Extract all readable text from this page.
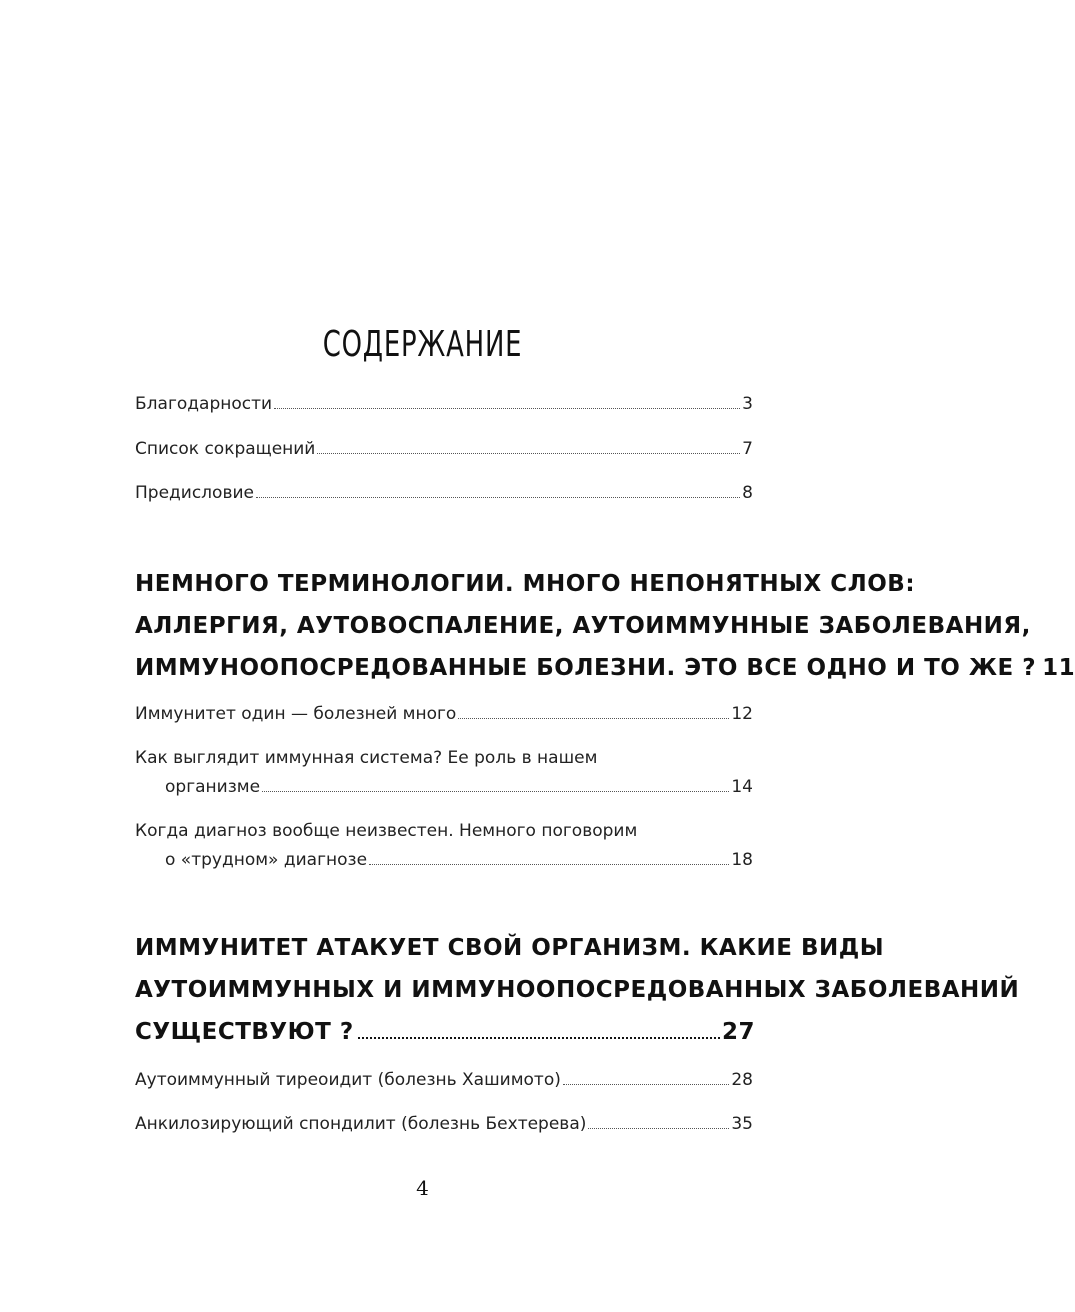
СОДЕРЖАНИЕ
Благодарности	3
Список сокращений	7
Предисловие	8
НЕМНОГО ТЕРМИНОЛОГИИ. МНОГО НЕПОНЯТНЫХ СЛОВ:
АЛЛЕРГИЯ, АУТОВОСПАЛЕНИЕ, АУТОИММУННЫЕ ЗАБОЛЕВАНИЯ,
ИММУНООПОСРЕДОВАННЫЕ БОЛЕЗНИ. ЭТО ВСЕ ОДНО И ТО ЖЕ ? 11
Иммунитет один — болезней много	12
Как выглядит иммунная система? Ее роль в нашем
организме	14
Когда диагноз вообще неизвестен. Немного поговорим
о «трудном» диагнозе	18
ИММУНИТЕТ АТАКУЕТ СВОЙ ОРГАНИЗМ. КАКИЕ ВИДЫ
АУТОИММУННЫХ И ИММУНООПОСРЕДОВАННЫХ ЗАБОЛЕВАНИЙ
СУЩЕСТВУЮТ ?	27
Аутоиммунный тиреоидит (болезнь Хашимото)	28
Анкилозирующий спондилит (болезнь Бехтерева)	35
4
